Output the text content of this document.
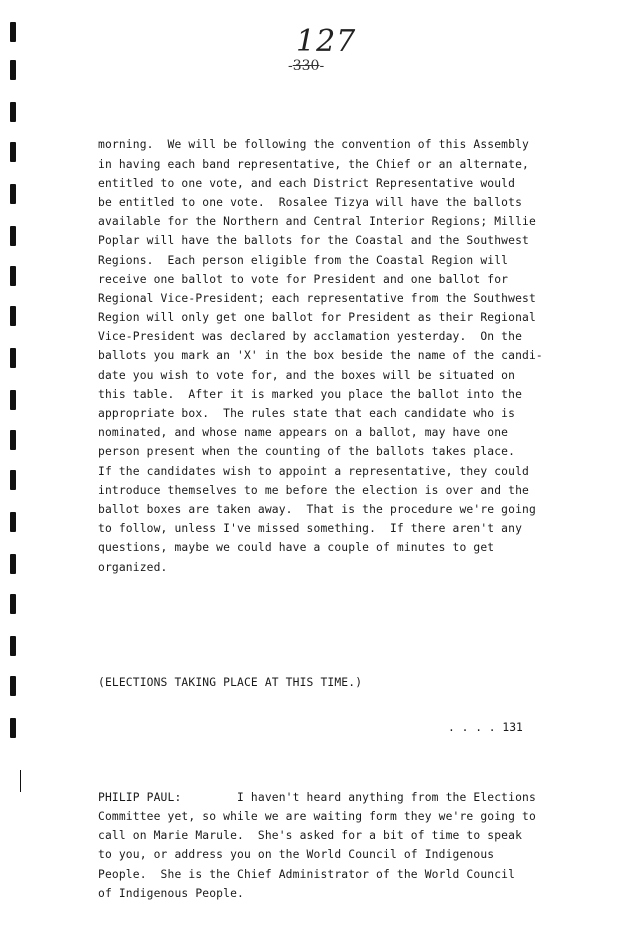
127
-330-

morning.  We will be following the convention of this Assembly
in having each band representative, the Chief or an alternate,
entitled to one vote, and each District Representative would
be entitled to one vote.  Rosalee Tizya will have the ballots
available for the Northern and Central Interior Regions; Millie
Poplar will have the ballots for the Coastal and the Southwest
Regions.  Each person eligible from the Coastal Region will
receive one ballot to vote for President and one ballot for
Regional Vice-President; each representative from the Southwest
Region will only get one ballot for President as their Regional
Vice-President was declared by acclamation yesterday.  On the
ballots you mark an 'X' in the box beside the name of the candi-
date you wish to vote for, and the boxes will be situated on
this table.  After it is marked you place the ballot into the
appropriate box.  The rules state that each candidate who is
nominated, and whose name appears on a ballot, may have one
person present when the counting of the ballots takes place.
If the candidates wish to appoint a representative, they could
introduce themselves to me before the election is over and the
ballot boxes are taken away.  That is the procedure we're going
to follow, unless I've missed something.  If there aren't any
questions, maybe we could have a couple of minutes to get
organized.

(ELECTIONS TAKING PLACE AT THIS TIME.)

PHILIP PAUL:        I haven't heard anything from the Elections
Committee yet, so while we are waiting form they we're going to
call on Marie Marule.  She's asked for a bit of time to speak
to you, or address you on the World Council of Indigenous
People.  She is the Chief Administrator of the World Council
of Indigenous People.

. . . . 131
